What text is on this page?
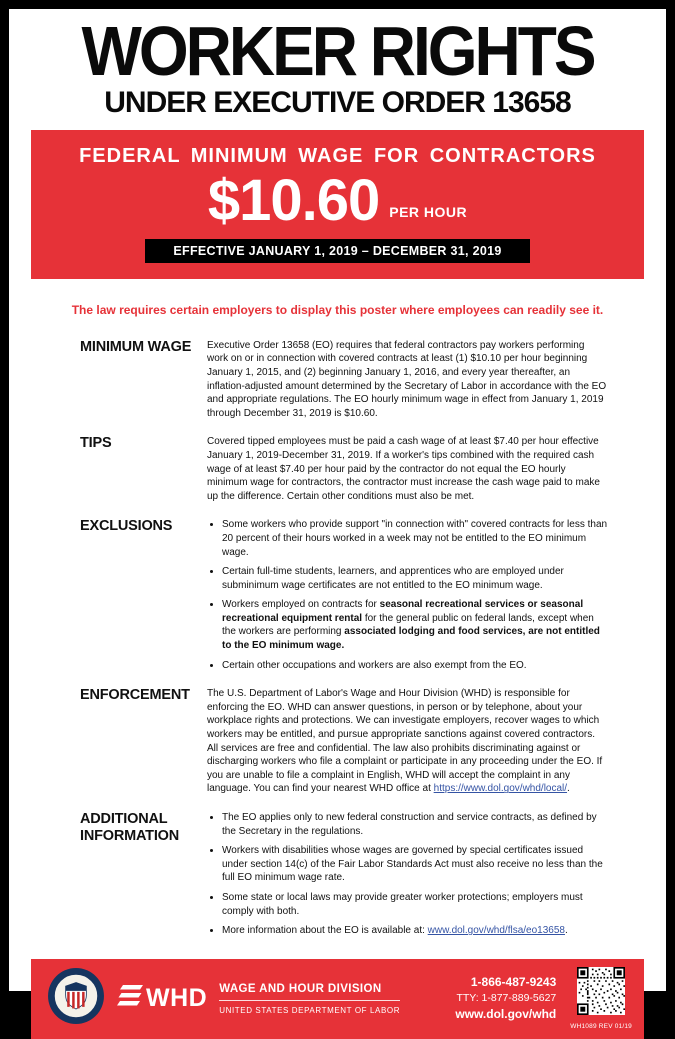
WORKER RIGHTS
UNDER EXECUTIVE ORDER 13658
FEDERAL MINIMUM WAGE FOR CONTRACTORS
$10.60 PER HOUR
EFFECTIVE JANUARY 1, 2019 – DECEMBER 31, 2019
The law requires certain employers to display this poster where employees can readily see it.
MINIMUM WAGE	Executive Order 13658 (EO) requires that federal contractors pay workers performing work on or in connection with covered contracts at least (1) $10.10 per hour beginning January 1, 2015, and (2) beginning January 1, 2016, and every year thereafter, an inflation-adjusted amount determined by the Secretary of Labor in accordance with the EO and appropriate regulations. The EO hourly minimum wage in effect from January 1, 2019 through December 31, 2019 is $10.60.

TIPS	Covered tipped employees must be paid a cash wage of at least $7.40 per hour effective January 1, 2019-December 31, 2019. If a worker's tips combined with the required cash wage of at least $7.40 per hour paid by the contractor do not equal the EO hourly minimum wage for contractors, the contractor must increase the cash wage paid to make up the difference. Certain other conditions must also be met.

EXCLUSIONS	• Some workers who provide support "in connection with" covered contracts for less than 20 percent of their hours worked in a week may not be entitled to the EO minimum wage.
• Certain full-time students, learners, and apprentices who are employed under subminimum wage certificates are not entitled to the EO minimum wage.
• Workers employed on contracts for seasonal recreational services or seasonal recreational equipment rental for the general public on federal lands, except when the workers are performing associated lodging and food services, are not entitled to the EO minimum wage.
• Certain other occupations and workers are also exempt from the EO.
ENFORCEMENT	The U.S. Department of Labor's Wage and Hour Division (WHD) is responsible for enforcing the EO. WHD can answer questions, in person or by telephone, about your workplace rights and protections. We can investigate employers, recover wages to which workers may be entitled, and pursue appropriate sanctions against covered contractors. All services are free and confidential. The law also prohibits discriminating against or discharging workers who file a complaint or participate in any proceeding under the EO. If you are unable to file a complaint in English, WHD will accept the complaint in any language. You can find your nearest WHD office at https://www.dol.gov/whd/local/.

ADDITIONAL INFORMATION
• The EO applies only to new federal construction and service contracts, as defined by the Secretary in the regulations.
• Workers with disabilities whose wages are governed by special certificates issued under section 14(c) of the Fair Labor Standards Act must also receive no less than the full EO minimum wage rate.
• Some state or local laws may provide greater worker protections; employers must comply with both.
• More information about the EO is available at: www.dol.gov/whd/flsa/eo13658.
WHD WAGE AND HOUR DIVISION
UNITED STATES DEPARTMENT OF LABOR
1-866-487-9243
TTY: 1-877-889-5627
www.dol.gov/whd
WH1089 REV 01/19
